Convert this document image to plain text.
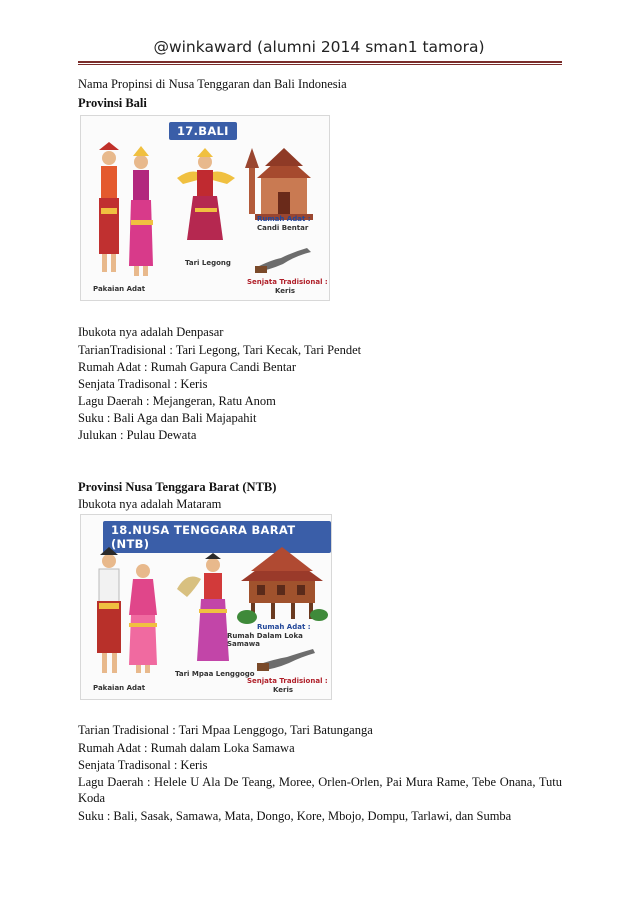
@winkaward (alumni 2014 sman1 tamora)
Nama Propinsi di Nusa Tenggaran dan Bali Indonesia
Provinsi Bali
17.BALI
Pakaian Adat
Tari Legong
Rumah Adat :
Candi Bentar
Senjata Tradisional :
Keris
Ibukota nya adalah Denpasar
TarianTradisional : Tari Legong, Tari Kecak, Tari Pendet
Rumah Adat : Rumah Gapura Candi Bentar
Senjata Tradisonal : Keris
Lagu Daerah : Mejangeran, Ratu Anom
Suku : Bali Aga dan Bali Majapahit
Julukan : Pulau Dewata
Provinsi Nusa Tenggara Barat (NTB)
Ibukota nya adalah Mataram
18.NUSA TENGGARA BARAT (NTB)
Pakaian Adat
Tari Mpaa Lenggogo
Rumah Adat :
Rumah Dalam Loka Samawa
Senjata Tradisional :
Keris
Tarian Tradisional : Tari Mpaa Lenggogo, Tari Batunganga
Rumah Adat : Rumah dalam Loka Samawa
Senjata Tradisonal : Keris
Lagu Daerah : Helele U Ala De Teang, Moree, Orlen-Orlen, Pai Mura Rame, Tebe Onana, Tutu Koda
Suku : Bali, Sasak, Samawa, Mata, Dongo, Kore, Mbojo, Dompu, Tarlawi, dan Sumba
